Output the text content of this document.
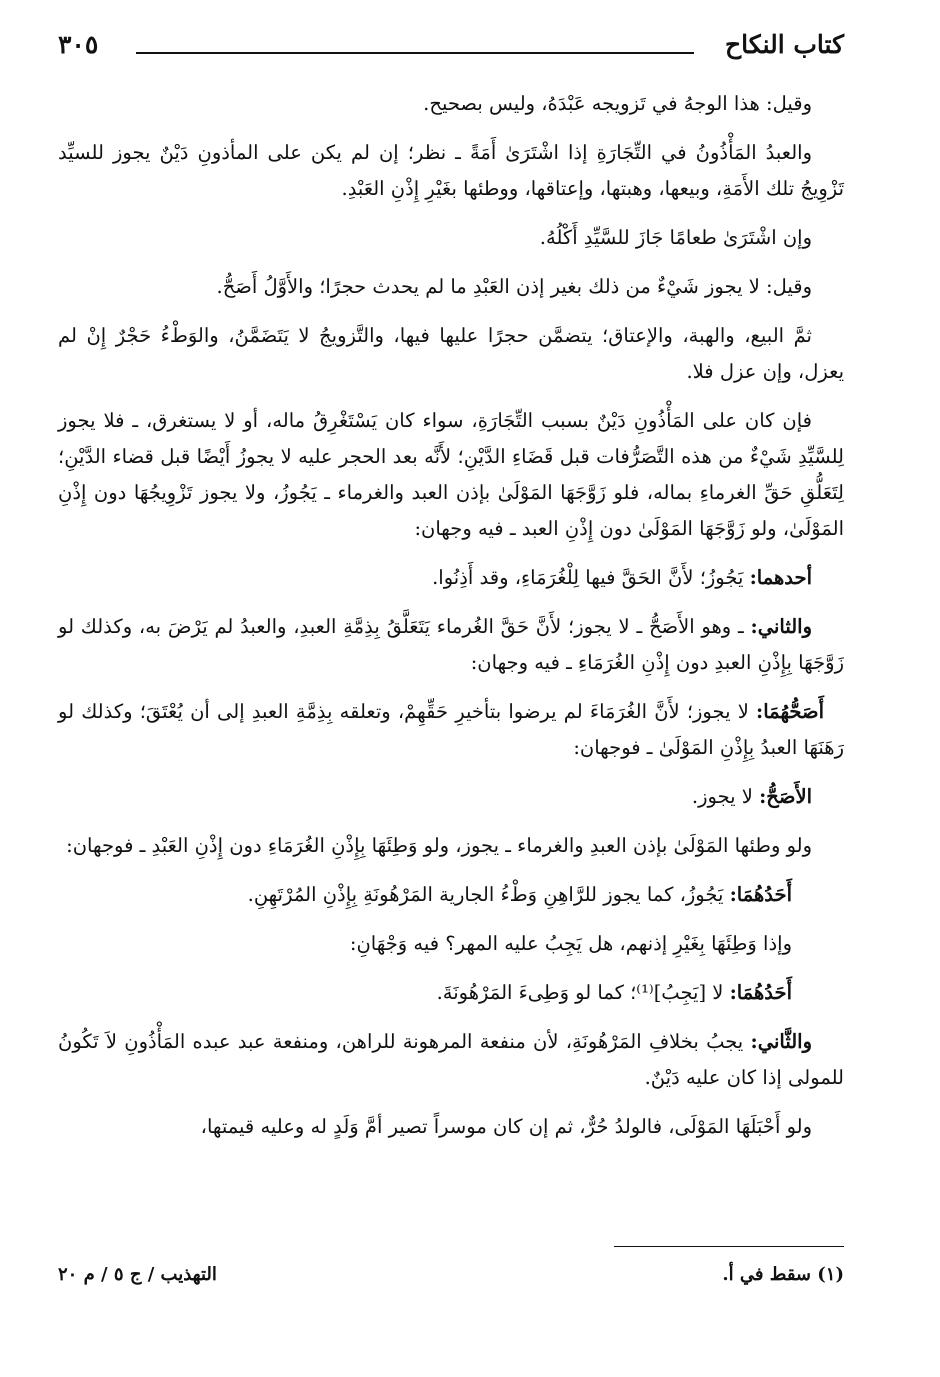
كتاب النكاح
٣٠٥

وقيل: هذا الوجهُ في تَزويجه عَبْدَهُ، وليس بصحيح.

والعبدُ المَأْذُونُ في التِّجَارَةِ إذا اشْتَرَىٰ أَمَةً ـ نظر؛ إن لم يكن على المأذونِ دَيْنٌ يجوز للسيِّد تَزْوِيجُ تلك الأَمَةِ، وبيعها، وهبتها، وإعتاقها، ووطئها بغَيْرِ إِذْنِ العَبْدِ.

وإن اشْتَرَىٰ طعامًا جَازَ للسَّيِّدِ أَكْلُهُ.

وقيل: لا يجوز شَيْءٌ من ذلك بغير إذن العَبْدِ ما لم يحدث حجرًا؛ والأَوَّلُ أَصَحُّ.

ثمَّ البيع، والهبة، والإعتاق؛ يتضمَّن حجرًا عليها فيها، والتَّزويجُ لا يَتَضَمَّنُ، والوَطْءُ حَجْرٌ إِنْ لم يعزل، وإن عزل فلا.

فإن كان على المَأْذُونِ دَيْنٌ بسبب التِّجَارَةِ، سواء كان يَسْتَغْرِقُ ماله، أو لا يستغرق، ـ فلا يجوز لِلسَّيِّدِ شَيْءٌ من هذه التَّصَرُّفات قبل قَضَاءِ الدَّيْنِ؛ لأَنَّه بعد الحجر عليه لا يجوزُ أَيْضًا قبل قضاء الدَّيْنِ؛ لِتَعَلُّقِ حَقِّ الغرماءِ بماله، فلو زَوَّجَهَا المَوْلَىٰ بإذن العبد والغرماء ـ يَجُوزُ، ولا يجوز تَزْوِيجُهَا دون إِذْنِ المَوْلَىٰ، ولو زَوَّجَهَا المَوْلَىٰ دون إِذْنِ العبد ـ فيه وجهان:

أحدهما: يَجُوزُ؛ لأَنَّ الحَقَّ فيها لِلْغُرَمَاءِ، وقد أَذِنُوا.

والثاني: ـ وهو الأَصَحُّ ـ لا يجوز؛ لأَنَّ حَقَّ الغُرماء يَتَعَلَّقُ بِذِمَّةِ العبدِ، والعبدُ لم يَرْضَ به، وكذلك لو زَوَّجَهَا بِإِذْنِ العبدِ دون إِذْنِ الغُرَمَاءِ ـ فيه وجهان:

أَصَحُّهُمَا: لا يجوز؛ لأَنَّ الغُرَمَاءَ لم يرضوا بتأخيرِ حَقِّهِمْ، وتعلقه بِذِمَّةِ العبدِ إلى أن يُعْتَقَ؛ وكذلك لو رَهَنَهَا العبدُ بِإِذْنِ المَوْلَىٰ ـ فوجهان:

الأَصَحُّ: لا يجوز.

ولو وطئها المَوْلَىٰ بإذن العبدِ والغرماء ـ يجوز، ولو وَطِئَهَا بِإِذْنِ الغُرَمَاءِ دون إِذْنِ العَبْدِ ـ فوجهان:

أَحَدُهُمَا: يَجُوزُ، كما يجوز للرَّاهِنِ وَطْءُ الجارية المَرْهُونَةِ بِإِذْنِ المُرْتَهِنِ.

وإذا وَطِئَهَا بِغَيْرِ إذنهم، هل يَجِبُ عليه المهر؟ فيه وَجْهَانِ:

أَحَدُهُمَا: لا [يَجِبُ]⁽¹⁾؛ كما لو وَطِىءَ المَرْهُونَةَ.

والثَّاني: يجبُ بخلافِ المَرْهُونَةِ، لأن منفعة المرهونة للراهن، ومنفعة عبد عبده المَأْذُونِ لاَ تَكُونُ للمولى إذا كان عليه دَيْنٌ.

ولو أَحْبَلَهَا المَوْلَى، فالولدُ حُرٌّ، ثم إن كان موسراً تصير أمَّ وَلَدٍ له وعليه قيمتها،

(١) سقط في أ.
التهذيب / ج ٥ / م ٢٠
